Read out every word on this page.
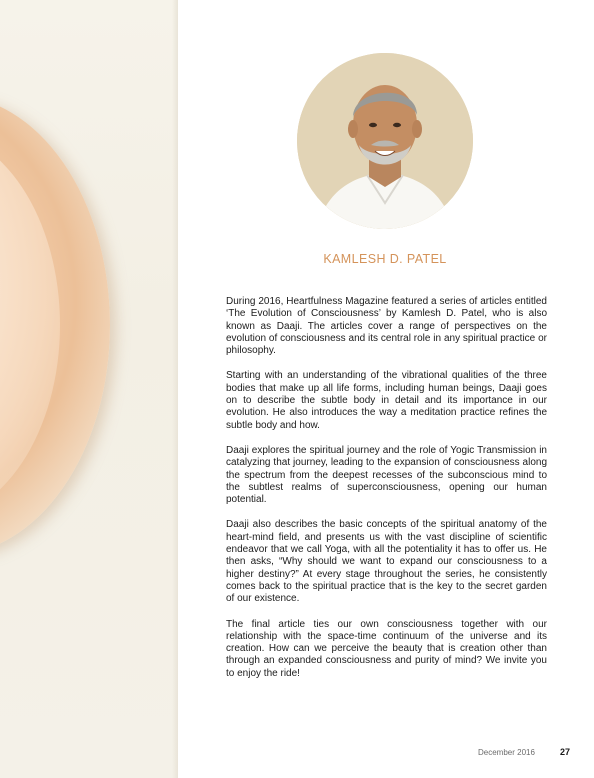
KAMLESH D. PATEL

During 2016, Heartfulness Magazine featured a series of articles entitled ‘The Evolution of Consciousness’ by Kamlesh D. Patel, who is also known as Daaji. The articles cover a range of perspectives on the evolution of consciousness and its central role in any spiritual practice or philosophy.

Starting with an understanding of the vibrational qualities of the three bodies that make up all life forms, including human beings, Daaji goes on to describe the subtle body in detail and its importance in our evolution. He also introduces the way a meditation practice refines the subtle body and how.

Daaji explores the spiritual journey and the role of Yogic Transmission in catalyzing that journey, leading to the expansion of consciousness along the spectrum from the deepest recesses of the subconscious mind to the subtlest realms of superconsciousness, opening our human potential.

Daaji also describes the basic concepts of the spiritual anatomy of the heart-mind field, and presents us with the vast discipline of scientific endeavor that we call Yoga, with all the potentiality it has to offer us. He then asks, “Why should we want to expand our consciousness to a higher destiny?” At every stage throughout the series, he consistently comes back to the spiritual practice that is the key to the secret garden of our existence.

The final article ties our own consciousness together with our relationship with the space-time continuum of the universe and its creation. How can we perceive the beauty that is creation other than through an expanded consciousness and purity of mind? We invite you to enjoy the ride!

December 2016	27
